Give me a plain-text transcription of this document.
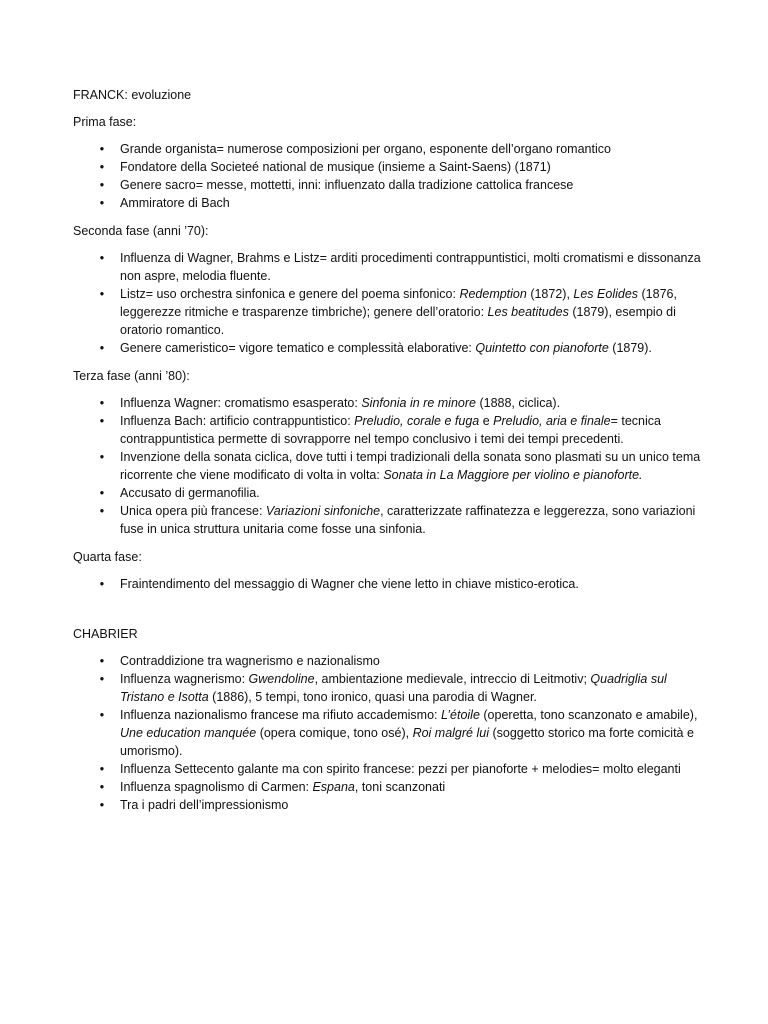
FRANCK: evoluzione

Prima fase:

• Grande organista= numerose composizioni per organo, esponente dell’organo romantico
• Fondatore della Societeé national de musique (insieme a Saint-Saens) (1871)
• Genere sacro= messe, mottetti, inni: influenzato dalla tradizione cattolica francese
• Ammiratore di Bach

Seconda fase (anni ’70):

• Influenza di Wagner, Brahms e Listz= arditi procedimenti contrappuntistici, molti cromatismi e dissonanza non aspre, melodia fluente.
• Listz= uso orchestra sinfonica e genere del poema sinfonico: Redemption (1872), Les Eolides (1876, leggerezze ritmiche e trasparenze timbriche); genere dell’oratorio: Les beatitudes (1879), esempio di oratorio romantico.
• Genere cameristico= vigore tematico e complessità elaborative: Quintetto con pianoforte (1879).

Terza fase (anni ’80):

• Influenza Wagner: cromatismo esasperato: Sinfonia in re minore (1888, ciclica).
• Influenza Bach: artificio contrappuntistico: Preludio, corale e fuga e Preludio, aria e finale= tecnica contrappuntistica permette di sovrapporre nel tempo conclusivo i temi dei tempi precedenti.
• Invenzione della sonata ciclica, dove tutti i tempi tradizionali della sonata sono plasmati su un unico tema ricorrente che viene modificato di volta in volta: Sonata in La Maggiore per violino e pianoforte.
• Accusato di germanofilia.
• Unica opera più francese: Variazioni sinfoniche, caratterizzate raffinatezza e leggerezza, sono variazioni fuse in unica struttura unitaria come fosse una sinfonia.

Quarta fase:

• Fraintendimento del messaggio di Wagner che viene letto in chiave mistico-erotica.

CHABRIER

• Contraddizione tra wagnerismo e nazionalismo
• Influenza wagnerismo: Gwendoline, ambientazione medievale, intreccio di Leitmotiv; Quadriglia sul Tristano e Isotta (1886), 5 tempi, tono ironico, quasi una parodia di Wagner.
• Influenza nazionalismo francese ma rifiuto accademismo: L’étoile (operetta, tono scanzonato e amabile), Une education manquée (opera comique, tono osé), Roi malgré lui (soggetto storico ma forte comicità e umorismo).
• Influenza Settecento galante ma con spirito francese: pezzi per pianoforte + melodies= molto eleganti
• Influenza spagnolismo di Carmen: Espana, toni scanzonati
• Tra i padri dell’impressionismo
